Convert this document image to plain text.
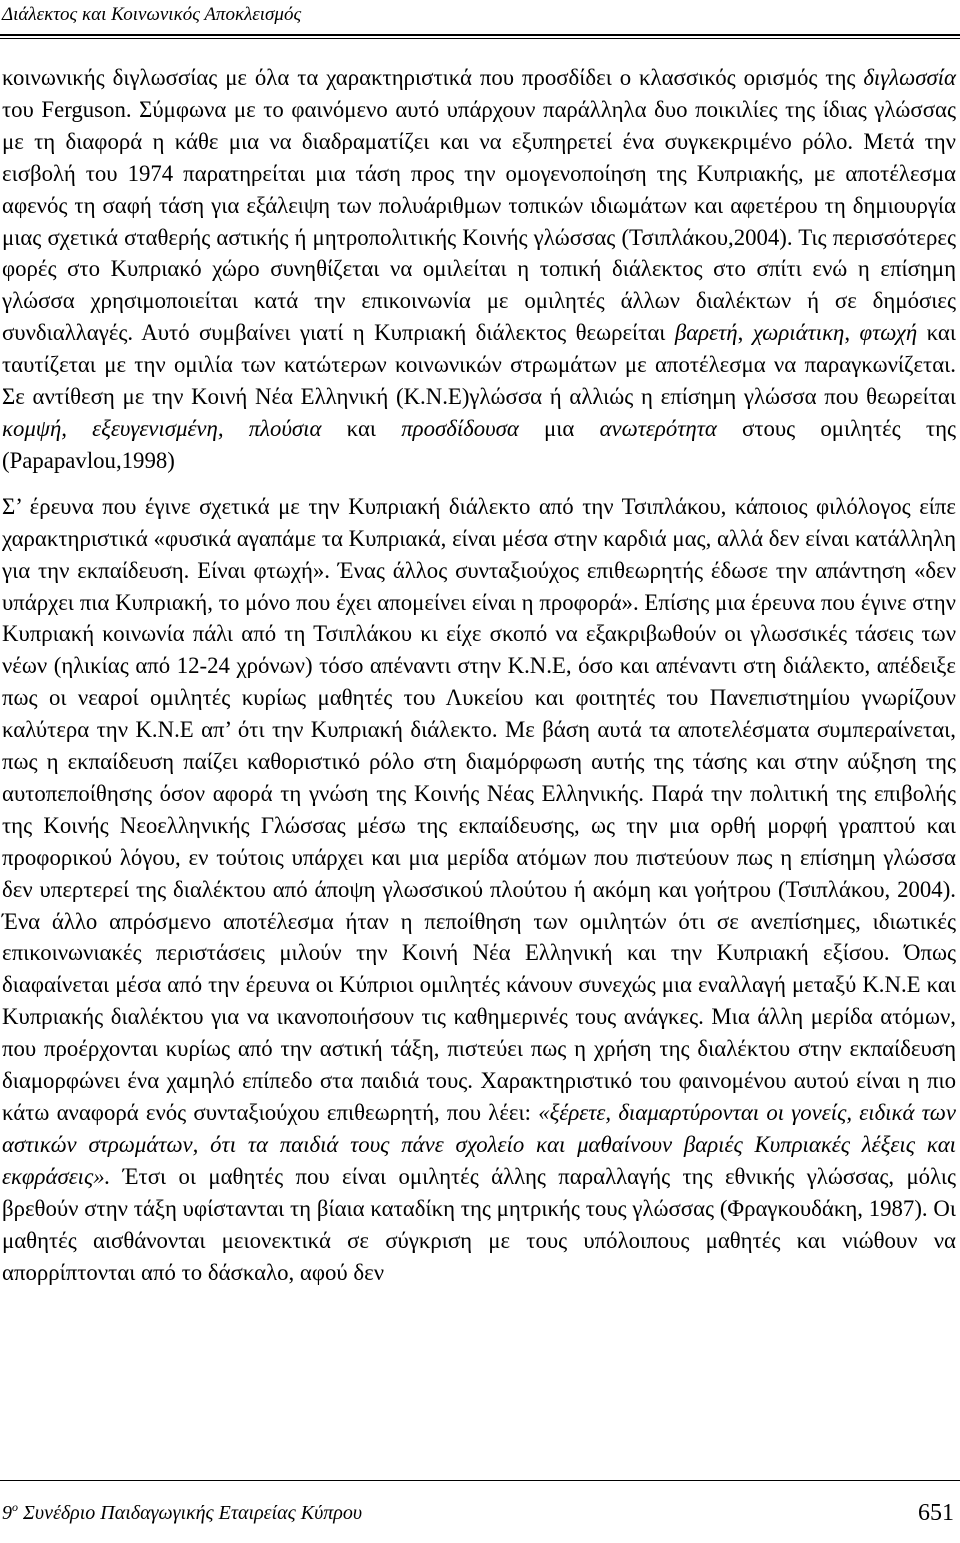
Διάλεκτος και Κοινωνικός Αποκλεισμός

κοινωνικής διγλωσσίας με όλα τα χαρακτηριστικά που προσδίδει ο κλασσικός ορισμός της διγλωσσία του Ferguson. Σύμφωνα με το φαινόμενο αυτό υπάρχουν παράλληλα δυο ποικιλίες της ίδιας γλώσσας με τη διαφορά η κάθε μια να διαδραματίζει και να εξυπηρετεί ένα συγκεκριμένο ρόλο. Μετά την εισβολή του 1974 παρατηρείται μια τάση προς την ομογενοποίηση της Κυπριακής, με αποτέλεσμα αφενός τη σαφή τάση για εξάλειψη των πολυάριθμων τοπικών ιδιωμάτων και αφετέρου τη δημιουργία μιας σχετικά σταθερής αστικής ή μητροπολιτικής Κοινής γλώσσας (Τσιπλάκου,2004). Τις περισσότερες φορές στο Κυπριακό χώρο συνηθίζεται να ομιλείται η τοπική διάλεκτος στο σπίτι ενώ η επίσημη γλώσσα χρησιμοποιείται κατά την επικοινωνία με ομιλητές άλλων διαλέκτων ή σε δημόσιες συνδιαλλαγές. Αυτό συμβαίνει γιατί η Κυπριακή διάλεκτος θεωρείται βαρετή, χωριάτικη, φτωχή και ταυτίζεται με την ομιλία των κατώτερων κοινωνικών στρωμάτων με αποτέλεσμα να παραγκωνίζεται. Σε αντίθεση με την Κοινή Νέα Ελληνική (Κ.Ν.Ε)γλώσσα ή αλλιώς η επίσημη γλώσσα που θεωρείται κομψή, εξευγενισμένη, πλούσια και προσδίδουσα μια ανωτερότητα στους ομιλητές της (Papapavlou,1998)

Σ’ έρευνα που έγινε σχετικά με την Κυπριακή διάλεκτο από την Τσιπλάκου, κάποιος φιλόλογος είπε χαρακτηριστικά «φυσικά αγαπάμε τα Κυπριακά, είναι μέσα στην καρδιά μας, αλλά δεν είναι κατάλληλη για την εκπαίδευση. Είναι φτωχή». Ένας άλλος συνταξιούχος επιθεωρητής έδωσε την απάντηση «δεν υπάρχει πια Κυπριακή, το μόνο που έχει απομείνει είναι η προφορά». Επίσης μια έρευνα που έγινε στην Κυπριακή κοινωνία πάλι από τη Τσιπλάκου κι είχε σκοπό να εξακριβωθούν οι γλωσσικές τάσεις των νέων (ηλικίας από 12-24 χρόνων) τόσο απέναντι στην Κ.Ν.Ε, όσο και απέναντι στη διάλεκτο, απέδειξε πως οι νεαροί ομιλητές κυρίως μαθητές του Λυκείου και φοιτητές του Πανεπιστημίου γνωρίζουν καλύτερα την Κ.Ν.Ε απ’ ότι την Κυπριακή διάλεκτο. Με βάση αυτά τα αποτελέσματα συμπεραίνεται, πως η εκπαίδευση παίζει καθοριστικό ρόλο στη διαμόρφωση αυτής της τάσης και στην αύξηση της αυτοπεποίθησης όσον αφορά τη γνώση της Κοινής Νέας Ελληνικής. Παρά την πολιτική της επιβολής της Κοινής Νεοελληνικής Γλώσσας μέσω της εκπαίδευσης, ως την μια ορθή μορφή γραπτού και προφορικού λόγου, εν τούτοις υπάρχει και μια μερίδα ατόμων που πιστεύουν πως η επίσημη γλώσσα δεν υπερτερεί της διαλέκτου από άποψη γλωσσικού πλούτου ή ακόμη και γοήτρου (Τσιπλάκου, 2004). Ένα άλλο απρόσμενο αποτέλεσμα ήταν η πεποίθηση των ομιλητών ότι σε ανεπίσημες, ιδιωτικές επικοινωνιακές περιστάσεις μιλούν την Κοινή Νέα Ελληνική και την Κυπριακή εξίσου. Όπως διαφαίνεται μέσα από την έρευνα οι Κύπριοι ομιλητές κάνουν συνεχώς μια εναλλαγή μεταξύ Κ.Ν.Ε και Κυπριακής διαλέκτου για να ικανοποιήσουν τις καθημερινές τους ανάγκες. Μια άλλη μερίδα ατόμων, που προέρχονται κυρίως από την αστική τάξη, πιστεύει πως η χρήση της διαλέκτου στην εκπαίδευση διαμορφώνει ένα χαμηλό επίπεδο στα παιδιά τους. Χαρακτηριστικό του φαινομένου αυτού είναι η πιο κάτω αναφορά ενός συνταξιούχου επιθεωρητή, που λέει: «ξέρετε, διαμαρτύρονται οι γονείς, ειδικά των αστικών στρωμάτων, ότι τα παιδιά τους πάνε σχολείο και μαθαίνουν βαριές Κυπριακές λέξεις και εκφράσεις». Έτσι οι μαθητές που είναι ομιλητές άλλης παραλλαγής της εθνικής γλώσσας, μόλις βρεθούν στην τάξη υφίστανται τη βίαια καταδίκη της μητρικής τους γλώσσας (Φραγκουδάκη, 1987). Οι μαθητές αισθάνονται μειονεκτικά σε σύγκριση με τους υπόλοιπους μαθητές και νιώθουν να απορρίπτονται από το δάσκαλο, αφού δεν

$9^o$ Συνέδριο Παιδαγωγικής Εταιρείας Κύπρου	651
